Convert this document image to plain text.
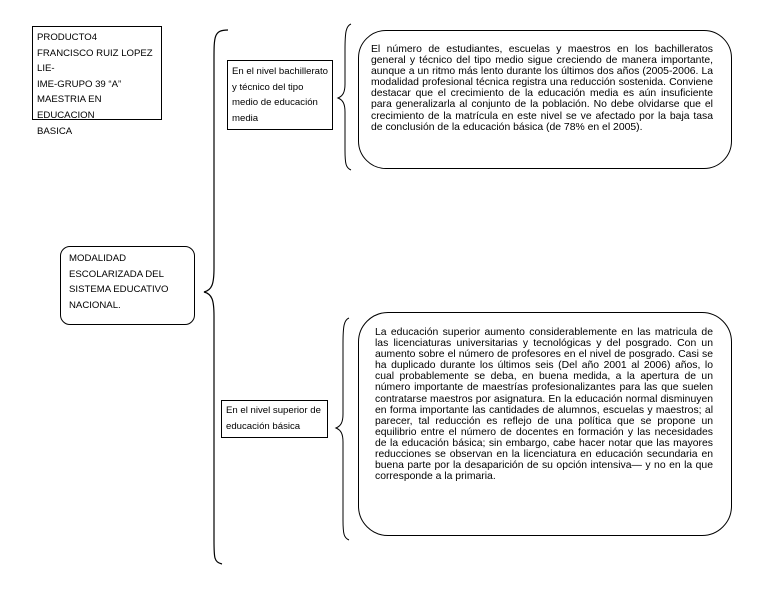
PRODUCTO4
FRANCISCO RUIZ LOPEZ LIE-
IME-GRUPO 39 “A”
MAESTRIA EN EDUCACION
BASICA
MODALIDAD
ESCOLARIZADA DEL
SISTEMA EDUCATIVO
NACIONAL.
En el nivel bachillerato
y técnico del tipo
medio de educación
media
El número de estudiantes, escuelas y maestros en los bachilleratos general y técnico del tipo medio sigue creciendo de manera importante, aunque a un ritmo más lento durante los últimos dos años (2005-2006. La modalidad profesional técnica registra una reducción sostenida. Conviene destacar que el crecimiento de la educación media es aún insuficiente para generalizarla al conjunto de la población. No debe olvidarse que el crecimiento de la matrícula en este nivel se ve afectado por la baja tasa de conclusión de la educación básica (de 78% en el 2005).
En el nivel superior de
educación básica
La educación superior aumento considerablemente en las matricula de las licenciaturas universitarias y tecnológicas y del posgrado. Con un aumento sobre el número de profesores en el nivel de posgrado. Casi se ha duplicado durante los últimos seis (Del año 2001 al 2006) años, lo cual probablemente se deba, en buena medida, a la apertura de un número importante de maestrías profesionalizantes para las que suelen contratarse maestros por asignatura. En la educación normal disminuyen en forma importante las cantidades de alumnos, escuelas y maestros; al parecer, tal reducción es reflejo de una política que se propone un equilibrio entre el número de docentes en formación y las necesidades de la educación básica; sin embargo, cabe hacer notar que las mayores reducciones se observan en la licenciatura en educación secundaria en buena parte por la desaparición de su opción intensiva— y no en la que corresponde a la primaria.
